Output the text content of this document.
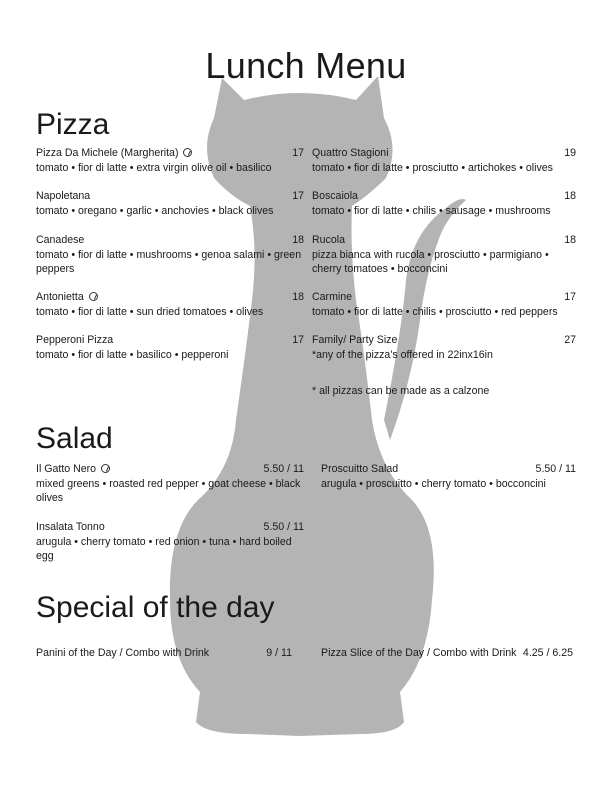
Lunch Menu
Pizza
Pizza Da Michele (Margherita)	17
tomato • fior di latte • extra virgin olive oil • basilico
Napoletana	17
tomato • oregano • garlic • anchovies • black olives
Canadese	18
tomato • fior di latte • mushrooms • genoa salami • green peppers
Antonietta	18
tomato • fior di latte • sun dried tomatoes • olives
Pepperoni Pizza	17
tomato • fior di latte • basilico • pepperoni
Quattro Stagioni	19
tomato • fior di latte • prosciutto • artichokes • olives
Boscaiola	18
tomato • fior di latte • chilis • sausage • mushrooms
Rucola	18
pizza bianca with rucola • prosciutto • parmigiano • cherry tomatoes • bocconcini
Carmine	17
tomato • fior di latte • chilis • prosciutto • red peppers
Family/ Party Size	27
*any of the pizza's offered in 22inx16in
* all pizzas can be made as a calzone
Salad
Il Gatto Nero	5.50 / 11
mixed greens • roasted red pepper • goat cheese • black olives
Insalata Tonno	5.50 / 11
arugula • cherry tomato • red onion • tuna • hard boiled egg
Proscuitto Salad	5.50 / 11
arugula • proscuitto • cherry tomato • bocconcini
Special of the day
Panini of the Day / Combo with Drink	9 / 11	Pizza Slice of the Day / Combo with Drink 4.25 / 6.25
